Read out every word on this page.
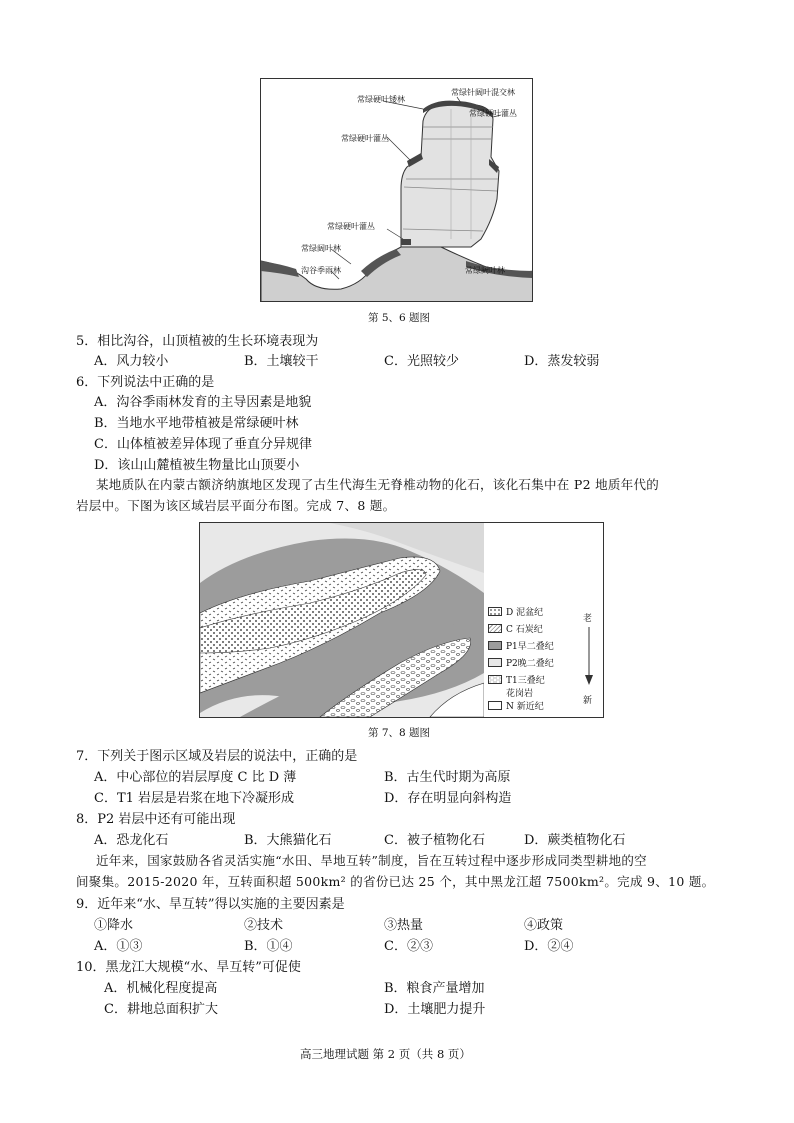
常绿硬叶矮林
常绿针阔叶混交林
常绿硬叶灌丛
常绿硬叶灌丛
常绿硬叶灌丛
常绿阔叶林
沟谷季雨林	常绿阔叶林
第 5、6 题图
5．相比沟谷，山顶植被的生长环境表现为
A．风力较小	B．土壤较干	C．光照较少	D．蒸发较弱
6．下列说法中正确的是
A．沟谷季雨林发育的主导因素是地貌
B．当地水平地带植被是常绿硬叶林
C．山体植被差异体现了垂直分异规律
D．该山山麓植被生物量比山顶要小
某地质队在内蒙古额济纳旗地区发现了古生代海生无脊椎动物的化石，该化石集中在 P2 地质年代的
岩层中。下图为该区域岩层平面分布图。完成 7、8 题。
D 泥盆纪
C 石炭纪
P1早二叠纪
P2晚二叠纪
T1三叠纪
花岗岩
N 新近纪
老
新
第 7、8 题图
7．下列关于图示区域及岩层的说法中，正确的是
A．中心部位的岩层厚度 C 比 D 薄	B．古生代时期为高原
C．T1 岩层是岩浆在地下冷凝形成	D．存在明显向斜构造
8．P2 岩层中还有可能出现
A．恐龙化石	B．大熊猫化石	C．被子植物化石	D．蕨类植物化石
近年来，国家鼓励各省灵活实施“水田、旱地互转”制度，旨在互转过程中逐步形成同类型耕地的空
间聚集。2015-2020 年，互转面积超 500km² 的省份已达 25 个，其中黑龙江超 7500km²。完成 9、10 题。
9．近年来“水、旱互转”得以实施的主要因素是
①降水	②技术	③热量	④政策
A．①③	B．①④	C．②③	D．②④
10．黑龙江大规模“水、旱互转”可促使
A．机械化程度提高	B．粮食产量增加
C．耕地总面积扩大	D．土壤肥力提升
高三地理试题 第 2 页（共 8 页）
